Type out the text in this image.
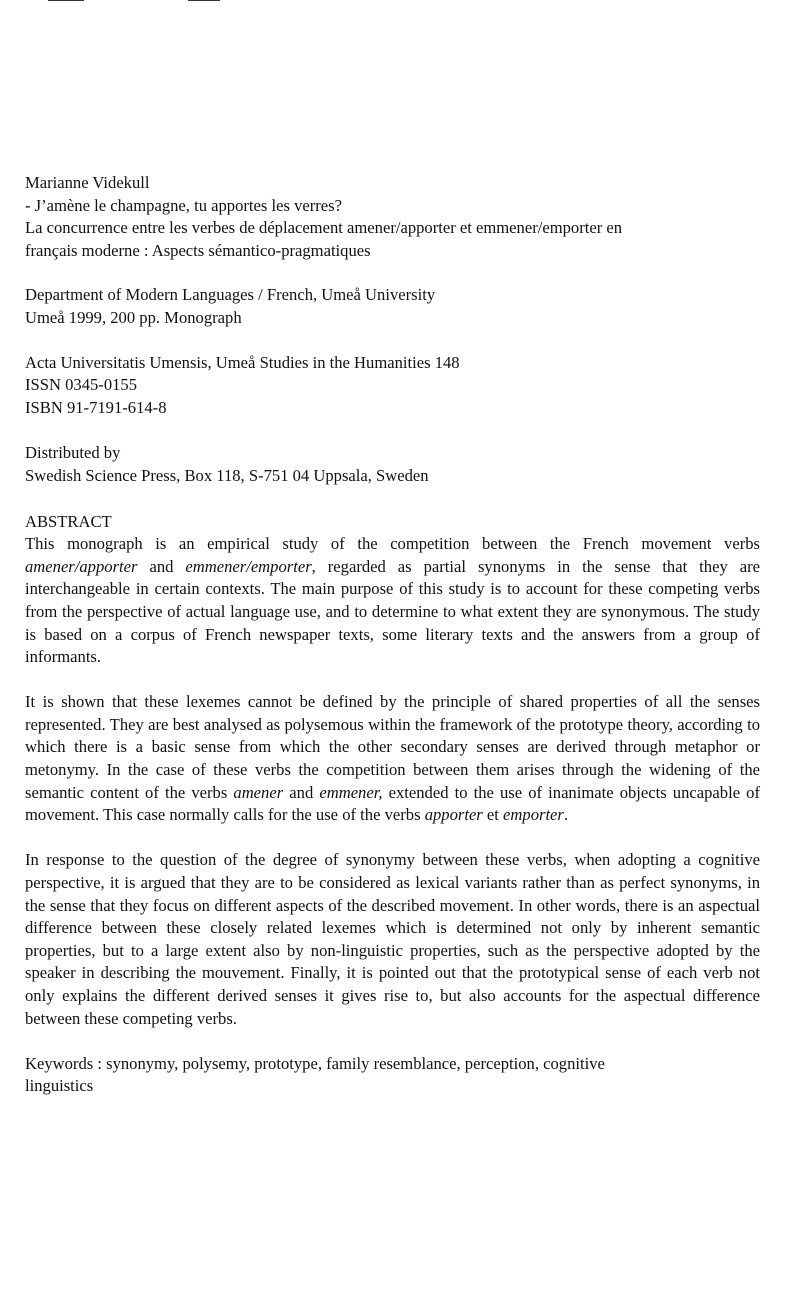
Marianne Videkull
- J’amène le champagne, tu apportes les verres?
La concurrence entre les verbes de déplacement amener/apporter et emmener/emporter en
français moderne : Aspects sémantico-pragmatiques
Department of Modern Languages / French, Umeå University
Umeå 1999, 200 pp. Monograph
Acta Universitatis Umensis, Umeå Studies in the Humanities 148
ISSN 0345-0155
ISBN 91-7191-614-8
Distributed by
Swedish Science Press, Box 118, S-751 04 Uppsala, Sweden
ABSTRACT

This monograph is an empirical study of the competition between the French movement verbs amener/apporter and emmener/emporter, regarded as partial synonyms in the sense that they are interchangeable in certain contexts. The main purpose of this study is to account for these competing verbs from the perspective of actual language use, and to determine to what extent they are synonymous. The study is based on a corpus of French newspaper texts, some literary texts and the answers from a group of informants.

It is shown that these lexemes cannot be defined by the principle of shared properties of all the senses represented. They are best analysed as polysemous within the framework of the prototype theory, according to which there is a basic sense from which the other secondary senses are derived through metaphor or metonymy. In the case of these verbs the competition between them arises through the widening of the semantic content of the verbs amener and emmener, extended to the use of inanimate objects uncapable of movement. This case normally calls for the use of the verbs apporter et emporter.

In response to the question of the degree of synonymy between these verbs, when adopting a cognitive perspective, it is argued that they are to be considered as lexical variants rather than as perfect synonyms, in the sense that they focus on different aspects of the described movement. In other words, there is an aspectual difference between these closely related lexemes which is determined not only by inherent semantic properties, but to a large extent also by non-linguistic properties, such as the perspective adopted by the speaker in describing the mouvement. Finally, it is pointed out that the prototypical sense of each verb not only explains the different derived senses it gives rise to, but also accounts for the aspectual difference between these competing verbs.

Keywords : synonymy, polysemy, prototype, family resemblance, perception, cognitive
linguistics
